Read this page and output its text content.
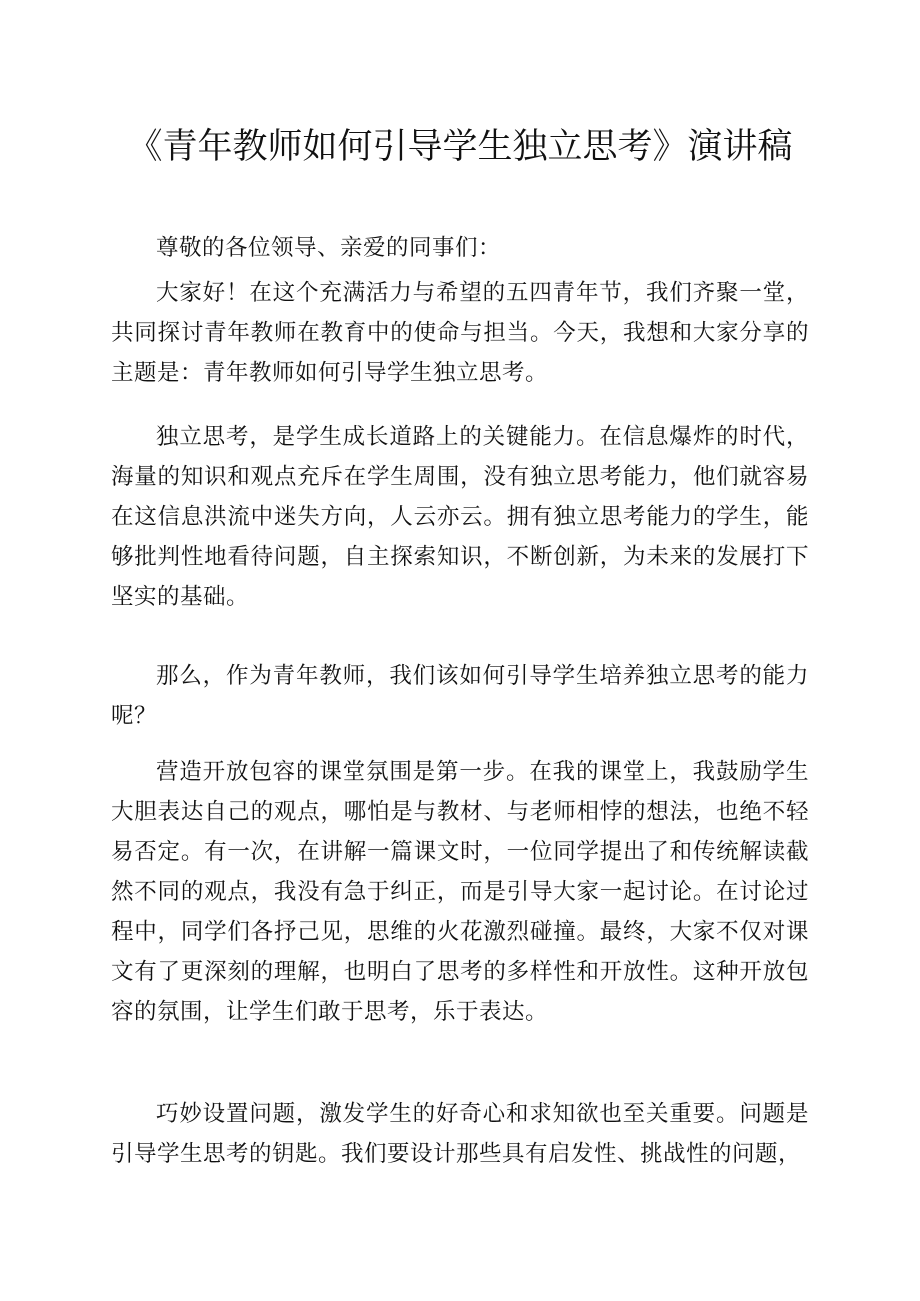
《青年教师如何引导学生独立思考》演讲稿

尊敬的各位领导、亲爱的同事们：

大家好！在这个充满活力与希望的五四青年节，我们齐聚一堂，共同探讨青年教师在教育中的使命与担当。今天，我想和大家分享的主题是：青年教师如何引导学生独立思考。

独立思考，是学生成长道路上的关键能力。在信息爆炸的时代，海量的知识和观点充斥在学生周围，没有独立思考能力，他们就容易在这信息洪流中迷失方向，人云亦云。拥有独立思考能力的学生，能够批判性地看待问题，自主探索知识，不断创新，为未来的发展打下坚实的基础。

那么，作为青年教师，我们该如何引导学生培养独立思考的能力呢？

营造开放包容的课堂氛围是第一步。在我的课堂上，我鼓励学生大胆表达自己的观点，哪怕是与教材、与老师相悖的想法，也绝不轻易否定。有一次，在讲解一篇课文时，一位同学提出了和传统解读截然不同的观点，我没有急于纠正，而是引导大家一起讨论。在讨论过程中，同学们各抒己见，思维的火花激烈碰撞。最终，大家不仅对课文有了更深刻的理解，也明白了思考的多样性和开放性。这种开放包容的氛围，让学生们敢于思考，乐于表达。

巧妙设置问题，激发学生的好奇心和求知欲也至关重要。问题是引导学生思考的钥匙。我们要设计那些具有启发性、挑战性的问题，
